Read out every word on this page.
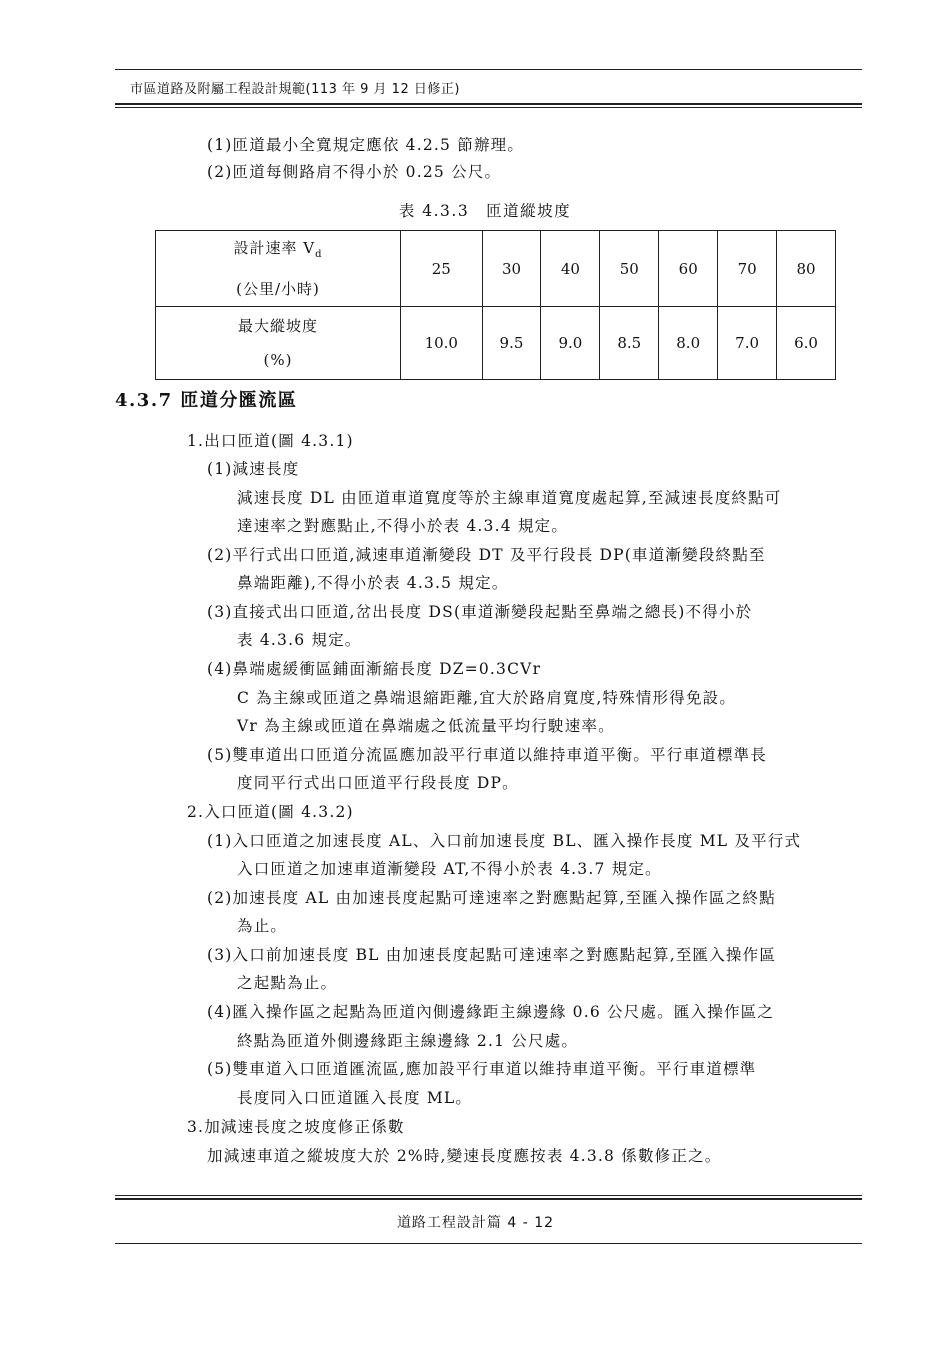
市區道路及附屬工程設計規範(113 年 9 月 12 日修正)
(1)匝道最小全寬規定應依 4.2.5 節辦理。
(2)匝道每側路肩不得小於 0.25 公尺。
表 4.3.3　匝道縱坡度
設計速率 $V_d$
(公里/小時)	25	30	40	50	60	70	80

最大縱坡度
(%)	10.0	9.5	9.0	8.5	8.0	7.0	6.0
4.3.7 匝道分匯流區
1.出口匝道(圖 4.3.1)
(1)減速長度
減速長度 DL 由匝道車道寬度等於主線車道寬度處起算,至減速長度終點可
達速率之對應點止,不得小於表 4.3.4 規定。
(2)平行式出口匝道,減速車道漸變段 DT 及平行段長 DP(車道漸變段終點至
鼻端距離),不得小於表 4.3.5 規定。
(3)直接式出口匝道,岔出長度 DS(車道漸變段起點至鼻端之總長)不得小於
表 4.3.6 規定。
(4)鼻端處緩衝區鋪面漸縮長度 DZ=0.3CVr
C 為主線或匝道之鼻端退縮距離,宜大於路肩寬度,特殊情形得免設。
Vr 為主線或匝道在鼻端處之低流量平均行駛速率。
(5)雙車道出口匝道分流區應加設平行車道以維持車道平衡。平行車道標準長
度同平行式出口匝道平行段長度 DP。
2.入口匝道(圖 4.3.2)
(1)入口匝道之加速長度 AL、入口前加速長度 BL、匯入操作長度 ML 及平行式
入口匝道之加速車道漸變段 AT,不得小於表 4.3.7 規定。
(2)加速長度 AL 由加速長度起點可達速率之對應點起算,至匯入操作區之終點
為止。
(3)入口前加速長度 BL 由加速長度起點可達速率之對應點起算,至匯入操作區
之起點為止。
(4)匯入操作區之起點為匝道內側邊緣距主線邊緣 0.6 公尺處。匯入操作區之
終點為匝道外側邊緣距主線邊緣 2.1 公尺處。
(5)雙車道入口匝道匯流區,應加設平行車道以維持車道平衡。平行車道標準
長度同入口匝道匯入長度 ML。
3.加減速長度之坡度修正係數
加減速車道之縱坡度大於 2%時,變速長度應按表 4.3.8 係數修正之。
道路工程設計篇 4 - 12
